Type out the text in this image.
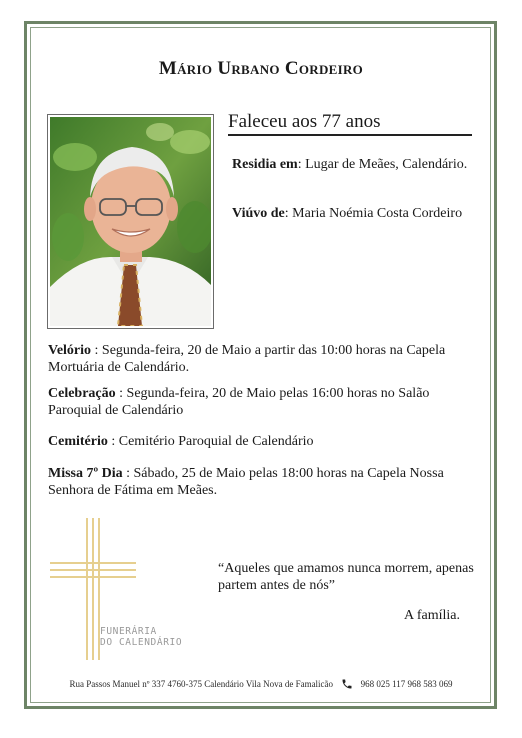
Mário Urbano Cordeiro
Faleceu aos 77 anos
Residia em: Lugar de Meães, Calendário.
Viúvo de: Maria Noémia Costa Cordeiro
Velório : Segunda-feira, 20 de Maio a partir das 10:00 horas na Capela Mortuária de Calendário.
Celebração : Segunda-feira, 20 de Maio pelas 16:00 horas no Salão Paroquial de Calendário
Cemitério : Cemitério Paroquial de Calendário
Missa 7º Dia : Sábado, 25 de Maio pelas 18:00 horas na Capela Nossa Senhora de Fátima em Meães.
FUNERÁRIA
DO CALENDÁRIO
“Aqueles que amamos nunca morrem, apenas partem antes de nós”
A família.
Rua Passos Manuel nº 337 4760-375 Calendário Vila Nova de Famalicão	968 025 117 968 583 069
